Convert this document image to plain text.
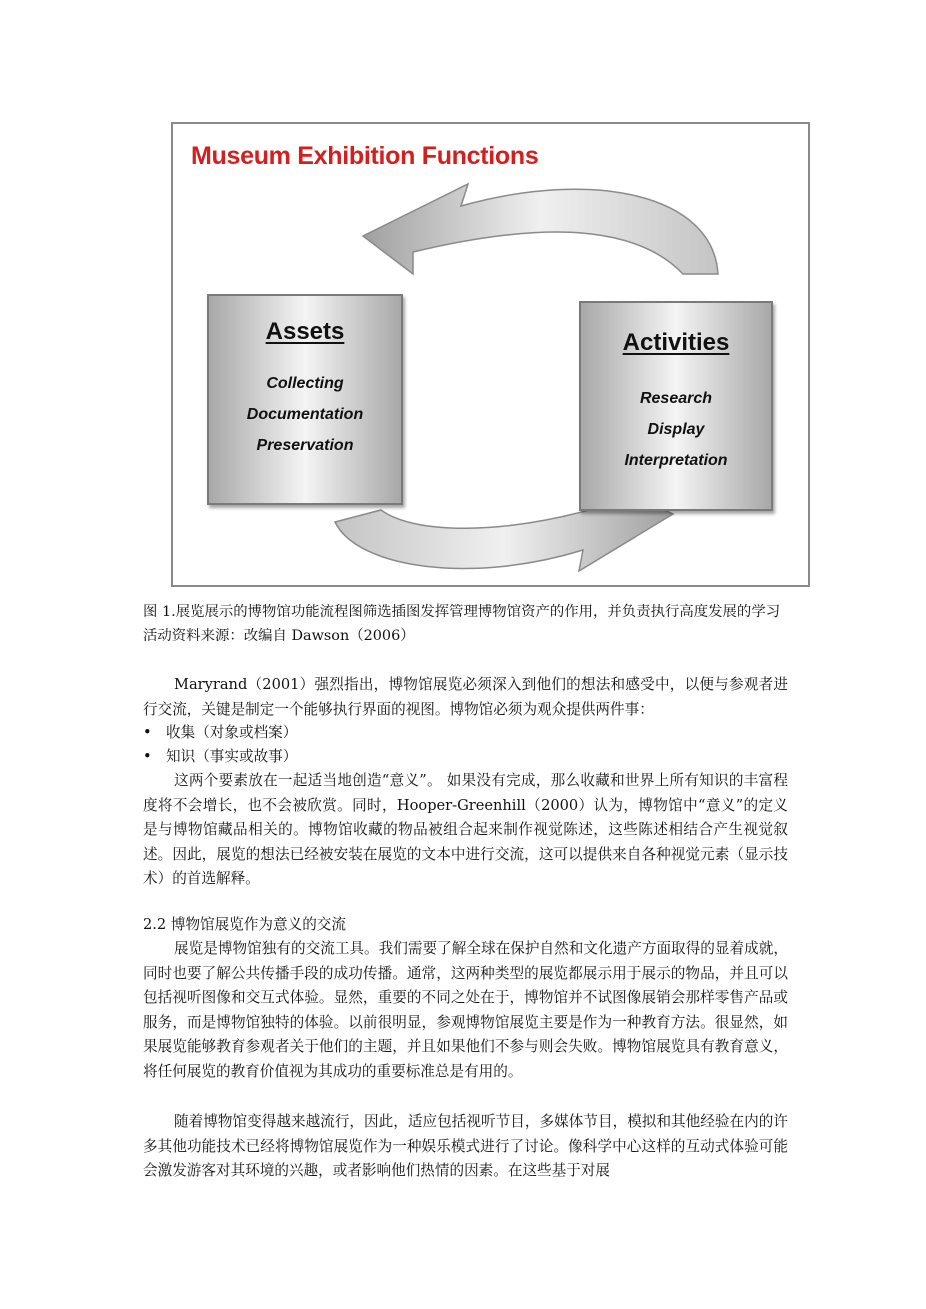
Museum Exhibition Functions
Assets
Collecting
Documentation
Preservation
Activities
Research
Display
Interpretation

图 1.展览展示的博物馆功能流程图筛选插图发挥管理博物馆资产的作用，并负责执行高度发展的学习活动资料来源：改编自 Dawson（2006）

Maryrand（2001）强烈指出，博物馆展览必须深入到他们的想法和感受中，以便与参观者进行交流，关键是制定一个能够执行界面的视图。博物馆必须为观众提供两件事：

• 收集（对象或档案）

• 知识（事实或故事）

这两个要素放在一起适当地创造“意义”。 如果没有完成，那么收藏和世界上所有知识的丰富程度将不会增长，也不会被欣赏。同时，Hooper-Greenhill（2000）认为，博物馆中“意义”的定义是与博物馆藏品相关的。博物馆收藏的物品被组合起来制作视觉陈述，这些陈述相结合产生视觉叙述。因此，展览的想法已经被安装在展览的文本中进行交流，这可以提供来自各种视觉元素（显示技术）的首选解释。

2.2 博物馆展览作为意义的交流

展览是博物馆独有的交流工具。我们需要了解全球在保护自然和文化遗产方面取得的显着成就，同时也要了解公共传播手段的成功传播。通常，这两种类型的展览都展示用于展示的物品，并且可以包括视听图像和交互式体验。显然，重要的不同之处在于，博物馆并不试图像展销会那样零售产品或服务，而是博物馆独特的体验。以前很明显，参观博物馆展览主要是作为一种教育方法。很显然，如果展览能够教育参观者关于他们的主题，并且如果他们不参与则会失败。博物馆展览具有教育意义，将任何展览的教育价值视为其成功的重要标准总是有用的。

随着博物馆变得越来越流行，因此，适应包括视听节目，多媒体节目，模拟和其他经验在内的许多其他功能技术已经将博物馆展览作为一种娱乐模式进行了讨论。像科学中心这样的互动式体验可能会激发游客对其环境的兴趣，或者影响他们热情的因素。在这些基于对展
